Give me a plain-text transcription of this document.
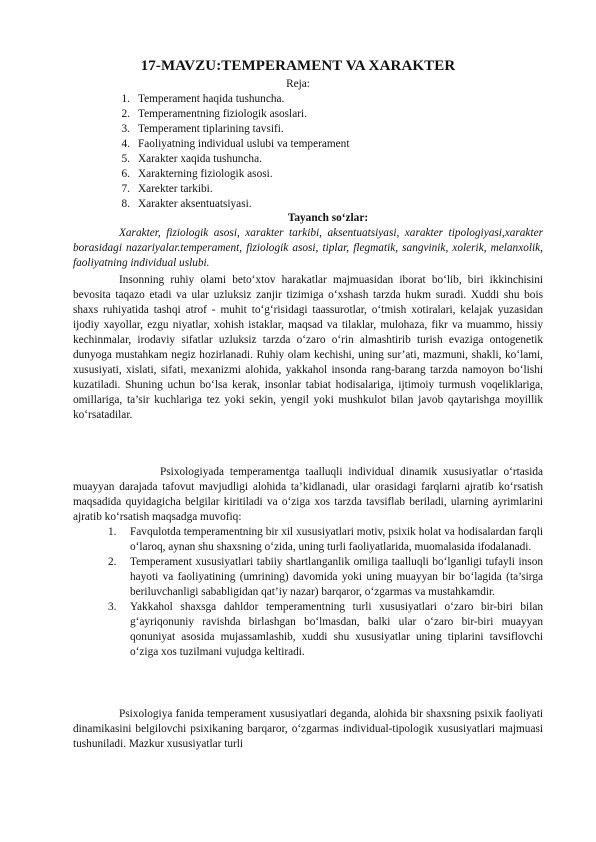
17-MAVZU:TEMPERAMENT VA XARAKTER
Reja:
1. Temperament haqida tushuncha.
2. Temperamentning fiziologik asoslari.
3. Temperament tiplarining tavsifi.
4. Faoliyatning individual uslubi va temperament
5. Xarakter xaqida tushuncha.
6. Xarakterning fiziologik asosi.
7. Xarekter tarkibi.
8. Xarakter aksentuatsiyasi.
Tayanch so‘zlar:

Xarakter, fiziologik asosi, xarakter tarkibi, aksentuatsiyasi, xarakter tipologiyasi,xarakter borasidagi nazariyalar.temperament, fiziologik asosi, tiplar, flegmatik, sangvinik, xolerik, melanxolik, faoliyatning individual uslubi.

Insonning ruhiy olami beto‘xtov harakatlar majmuasidan iborat bo‘lib, biri ikkinchisini bevosita taqazo etadi va ular uzluksiz zanjir tizimiga o‘xshash tarzda hukm suradi. Xuddi shu bois shaxs ruhiyatida tashqi atrof - muhit to‘g‘risidagi taassurotlar, o‘tmish xotiralari, kelajak yuzasidan ijodiy xayollar, ezgu niyatlar, xohish istaklar, maqsad va tilaklar, mulohaza, fikr va muammo, hissiy kechinmalar, irodaviy sifatlar uzluksiz tarzda o‘zaro o‘rin almashtirib turish evaziga ontogenetik dunyoga mustahkam negiz hozirlanadi. Ruhiy olam kechishi, uning sur’ati, mazmuni, shakli, ko‘lami, xususiyati, xislati, sifati, mexanizmi alohida, yakkahol insonda rang-barang tarzda namoyon bo‘lishi kuzatiladi. Shuning uchun bo‘lsa kerak, insonlar tabiat hodisalariga, ijtimoiy turmush voqeliklariga, omillariga, ta’sir kuchlariga tez yoki sekin, yengil yoki mushkulot bilan javob qaytarishga moyillik ko‘rsatadilar.

Psixologiyada temperamentga taalluqli individual dinamik xususiyatlar o‘rtasida muayyan darajada tafovut mavjudligi alohida ta’kidlanadi, ular orasidagi farqlarni ajratib ko‘rsatish maqsadida quyidagicha belgilar kiritiladi va o‘ziga xos tarzda tavsiflab beriladi, ularning ayrimlarini ajratib ko‘rsatish maqsadga muvofiq:

1. Favqulotda temperamentning bir xil xususiyatlari motiv, psixik holat va hodisalardan farqli o‘laroq, aynan shu shaxsning o‘zida, uning turli faoliyatlarida, muomalasida ifodalanadi.
2. Temperament xususiyatlari tabiiy shartlanganlik omiliga taalluqli bo‘lganligi tufayli inson hayoti va faoliyatining (umrining) davomida yoki uning muayyan bir bo‘lagida (ta’sirga beriluvchanligi sababligidan qat’iy nazar) barqaror, o‘zgarmas va mustahkamdir.
3. Yakkahol shaxsga dahldor temperamentning turli xususiyatlari o‘zaro bir-biri bilan g‘ayriqonuniy ravishda birlashgan bo‘lmasdan, balki ular o‘zaro bir-biri muayyan qonuniyat asosida mujassamlashib, xuddi shu xususiyatlar uning tiplarini tavsiflovchi o‘ziga xos tuzilmani vujudga keltiradi.

Psixologiya fanida temperament xususiyatlari deganda, alohida bir shaxsning psixik faoliyati dinamikasini belgilovchi psixikaning barqaror, o‘zgarmas individual-tipologik xususiyatlari majmuasi tushuniladi. Mazkur xususiyatlar turli
